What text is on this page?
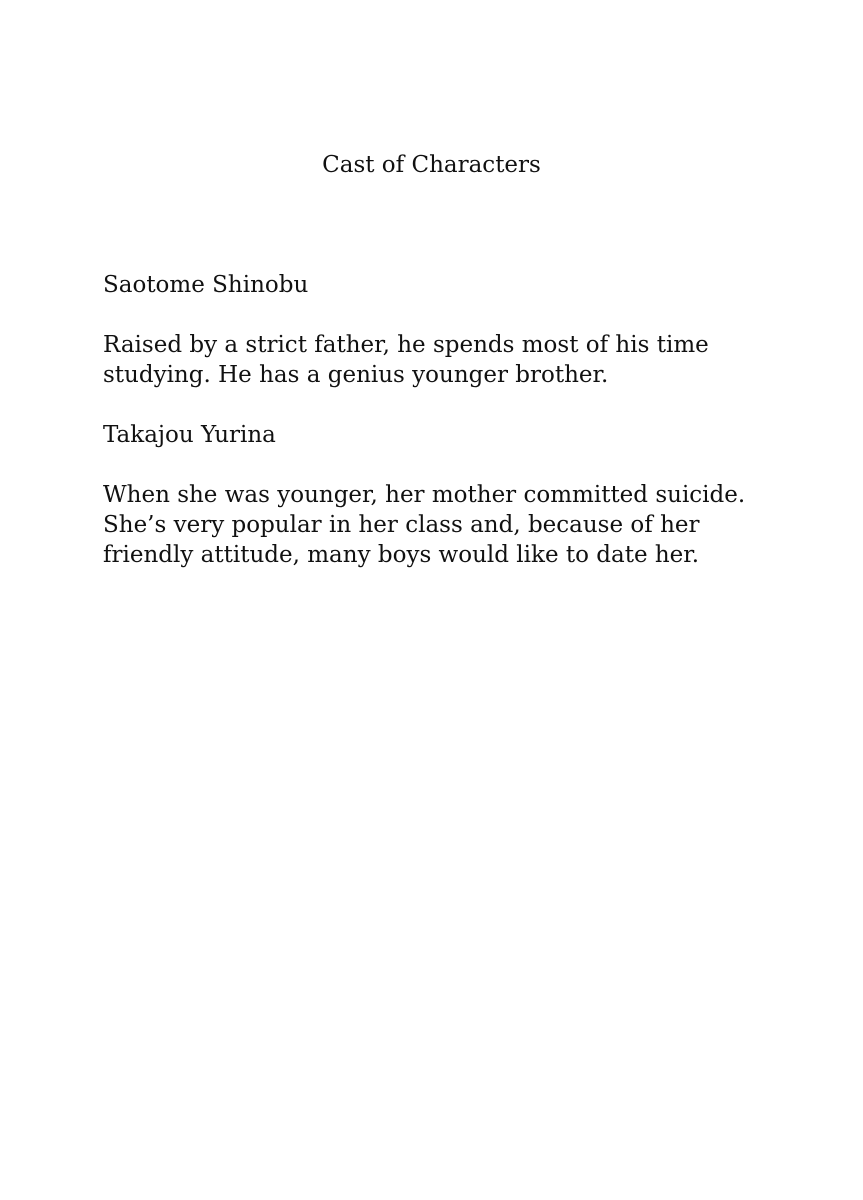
Cast of Characters
Saotome Shinobu

Raised by a strict father, he spends most of his time
studying. He has a genius younger brother.

Takajou Yurina

When she was younger, her mother committed suicide.
She’s very popular in her class and, because of her
friendly attitude, many boys would like to date her.
